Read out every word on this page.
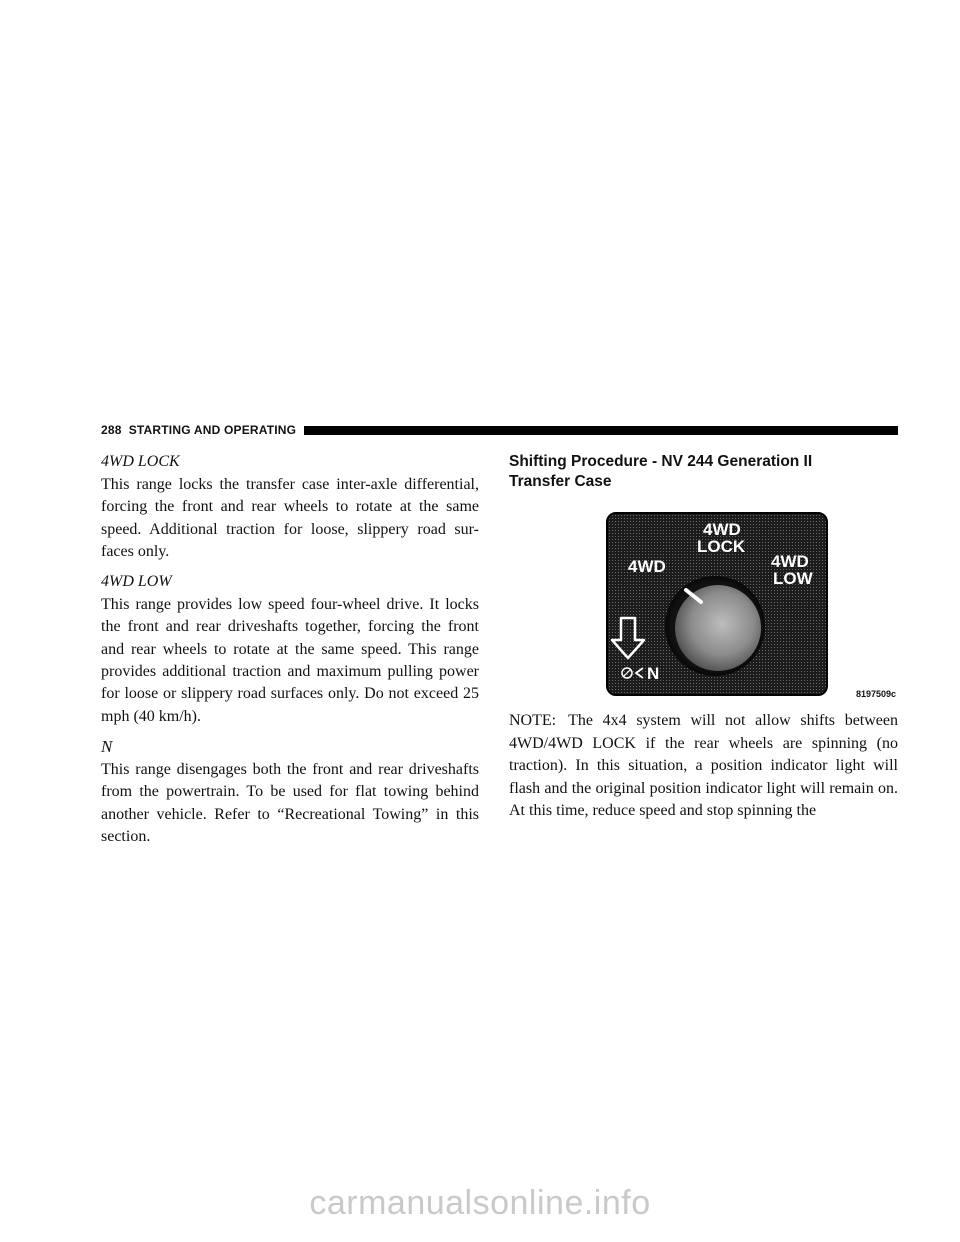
288 STARTING AND OPERATING
4WD LOCK

This range locks the transfer case inter-axle differential, forcing the front and rear wheels to rotate at the same speed. Additional traction for loose, slippery road sur-faces only.

4WD LOW

This range provides low speed four-wheel drive. It locks the front and rear driveshafts together, forcing the front and rear wheels to rotate at the same speed. This range provides additional traction and maximum pulling power for loose or slippery road surfaces only. Do not exceed 25 mph (40 km/h).

N

This range disengages both the front and rear driveshafts from the powertrain. To be used for flat towing behind another vehicle. Refer to “Recreational Towing” in this section.

Shifting Procedure - NV 244 Generation II
Transfer Case
4WD
4WD
LOCK
4WD
LOW
N
8197509c

NOTE: The 4x4 system will not allow shifts between 4WD/4WD LOCK if the rear wheels are spinning (no traction). In this situation, a position indicator light will flash and the original position indicator light will remain on. At this time, reduce speed and stop spinning the

carmanualsonline.info
